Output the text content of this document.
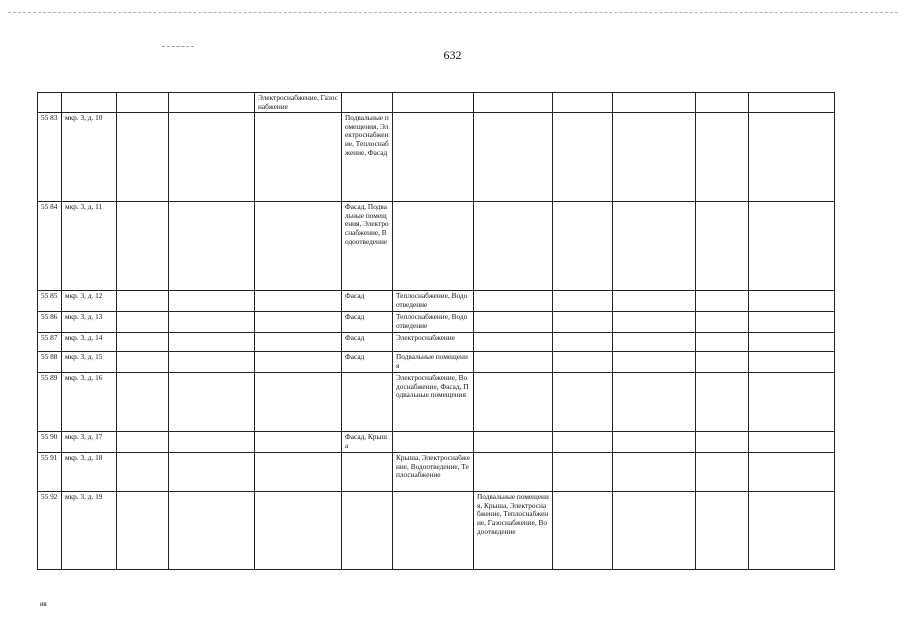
632
				Электроснабжение, Газоснабжение							
55 83	мкр. 3, д. 10				Подвальные помещения, Электроснабжение, Теплоснабжение, Фасад						
55 84	мкр. 3, д. 11				Фасад, Подвальные помещения, Электроснабжение, Водоотведение						
55 85	мкр. 3, д. 12				Фасад	Теплоснабжение, Водоотведение					
55 86	мкр. 3, д. 13				Фасад	Теплоснабжение, Водоотведение					
55 87	мкр. 3, д. 14				Фасад	Электроснабжение					
55 88	мкр. 3, д. 15				Фасад	Подвальные помещения					
55 89	мкр. 3, д. 16					Электроснабжение, Водоснабжение, Фасад, Подвальные помещения					
55 90	мкр. 3, д. 17				Фасад, Крыша						
55 91	мкр. 3, д. 18					Крыша, Электроснабжение, Водоотведение, Теплоснабжение					
55 92	мкр. 3, д. 19						Подвальные помещения, Крыша, Электроснабжение, Теплоснабжение, Газоснабжение, Водоотведение				
ив
